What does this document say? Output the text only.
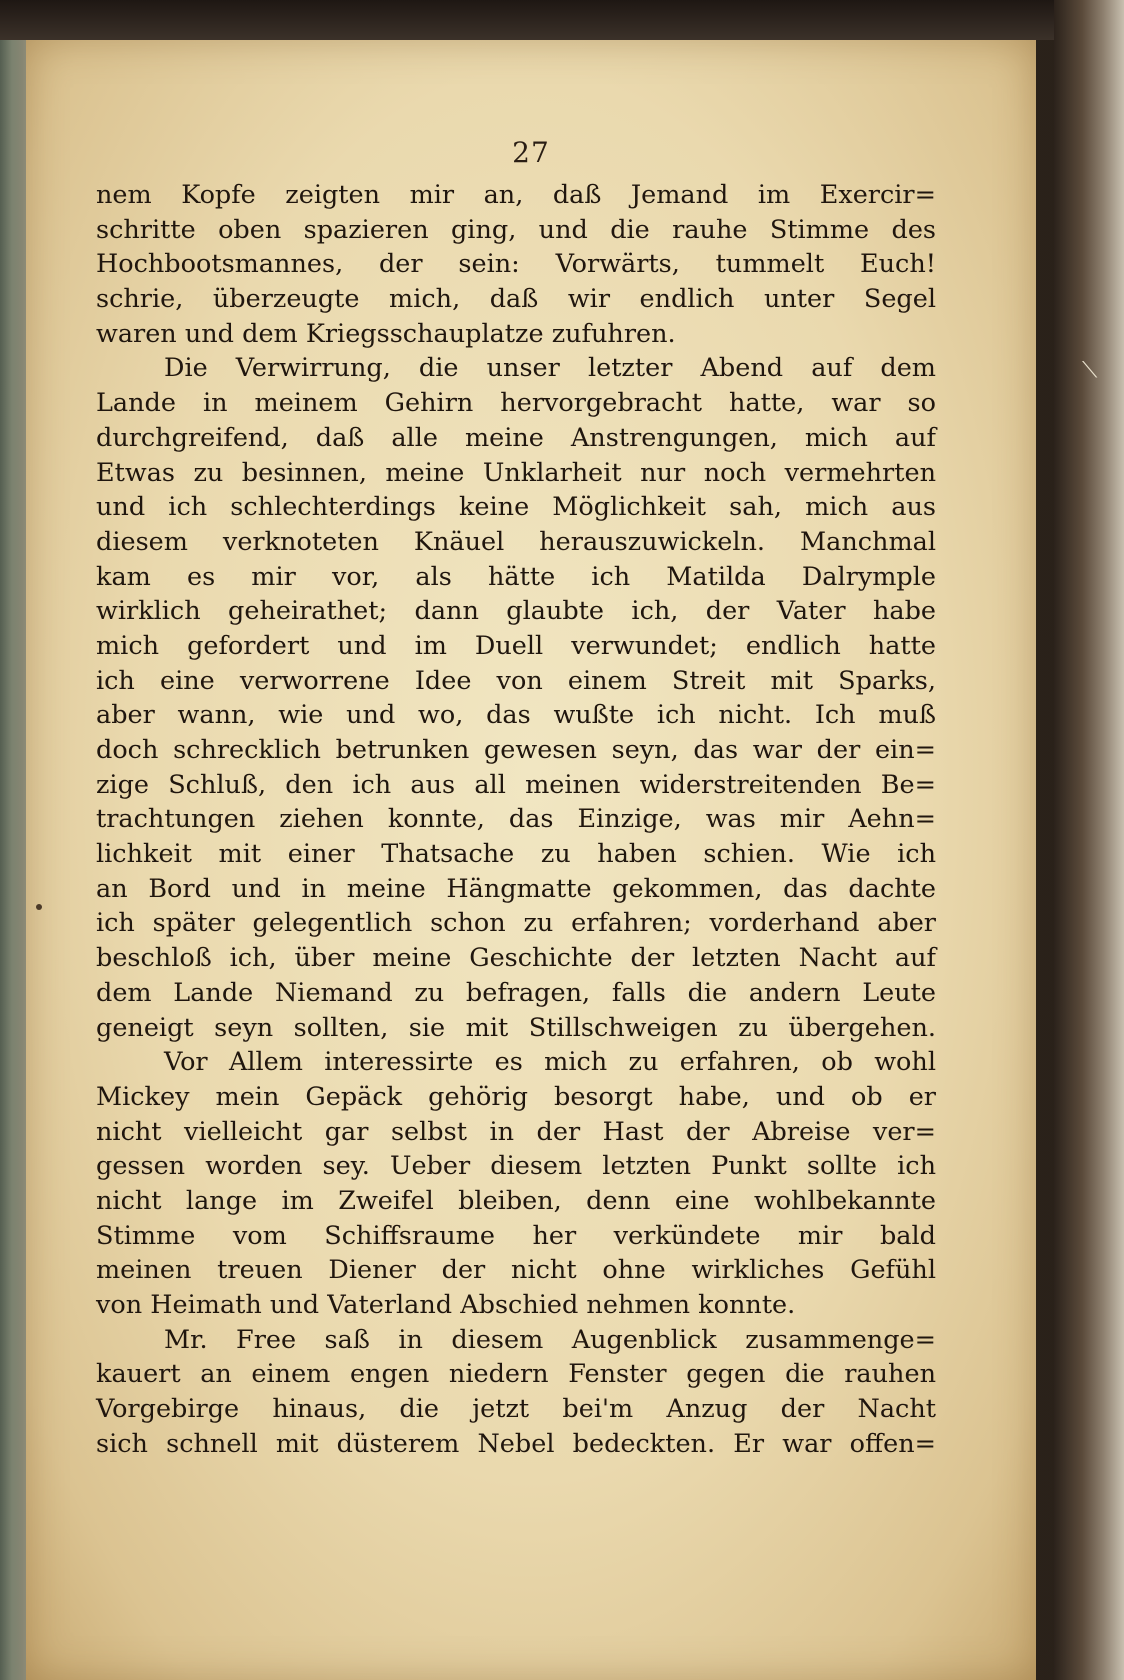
⟍
27
nem Kopfe zeigten mir an, daß Jemand im Exercir=
schritte oben spazieren ging, und die rauhe Stimme des
Hochbootsmannes, der sein: Vorwärts, tummelt Euch!
schrie, überzeugte mich, daß wir endlich unter Segel
waren und dem Kriegsschauplatze zufuhren.
Die Verwirrung, die unser letzter Abend auf dem
Lande in meinem Gehirn hervorgebracht hatte, war so
durchgreifend, daß alle meine Anstrengungen, mich auf
Etwas zu besinnen, meine Unklarheit nur noch vermehrten
und ich schlechterdings keine Möglichkeit sah, mich aus
diesem verknoteten Knäuel herauszuwickeln. Manchmal
kam es mir vor, als hätte ich Matilda Dalrymple
wirklich geheirathet; dann glaubte ich, der Vater habe
mich gefordert und im Duell verwundet; endlich hatte
ich eine verworrene Idee von einem Streit mit Sparks,
aber wann, wie und wo, das wußte ich nicht. Ich muß
doch schrecklich betrunken gewesen seyn, das war der ein=
zige Schluß, den ich aus all meinen widerstreitenden Be=
trachtungen ziehen konnte, das Einzige, was mir Aehn=
lichkeit mit einer Thatsache zu haben schien. Wie ich
an Bord und in meine Hängmatte gekommen, das dachte
ich später gelegentlich schon zu erfahren; vorderhand aber
beschloß ich, über meine Geschichte der letzten Nacht auf
dem Lande Niemand zu befragen, falls die andern Leute
geneigt seyn sollten, sie mit Stillschweigen zu übergehen.
Vor Allem interessirte es mich zu erfahren, ob wohl
Mickey mein Gepäck gehörig besorgt habe, und ob er
nicht vielleicht gar selbst in der Hast der Abreise ver=
gessen worden sey. Ueber diesem letzten Punkt sollte ich
nicht lange im Zweifel bleiben, denn eine wohlbekannte
Stimme vom Schiffsraume her verkündete mir bald
meinen treuen Diener der nicht ohne wirkliches Gefühl
von Heimath und Vaterland Abschied nehmen konnte.
Mr. Free saß in diesem Augenblick zusammenge=
kauert an einem engen niedern Fenster gegen die rauhen
Vorgebirge hinaus, die jetzt bei'm Anzug der Nacht
sich schnell mit düsterem Nebel bedeckten. Er war offen=
